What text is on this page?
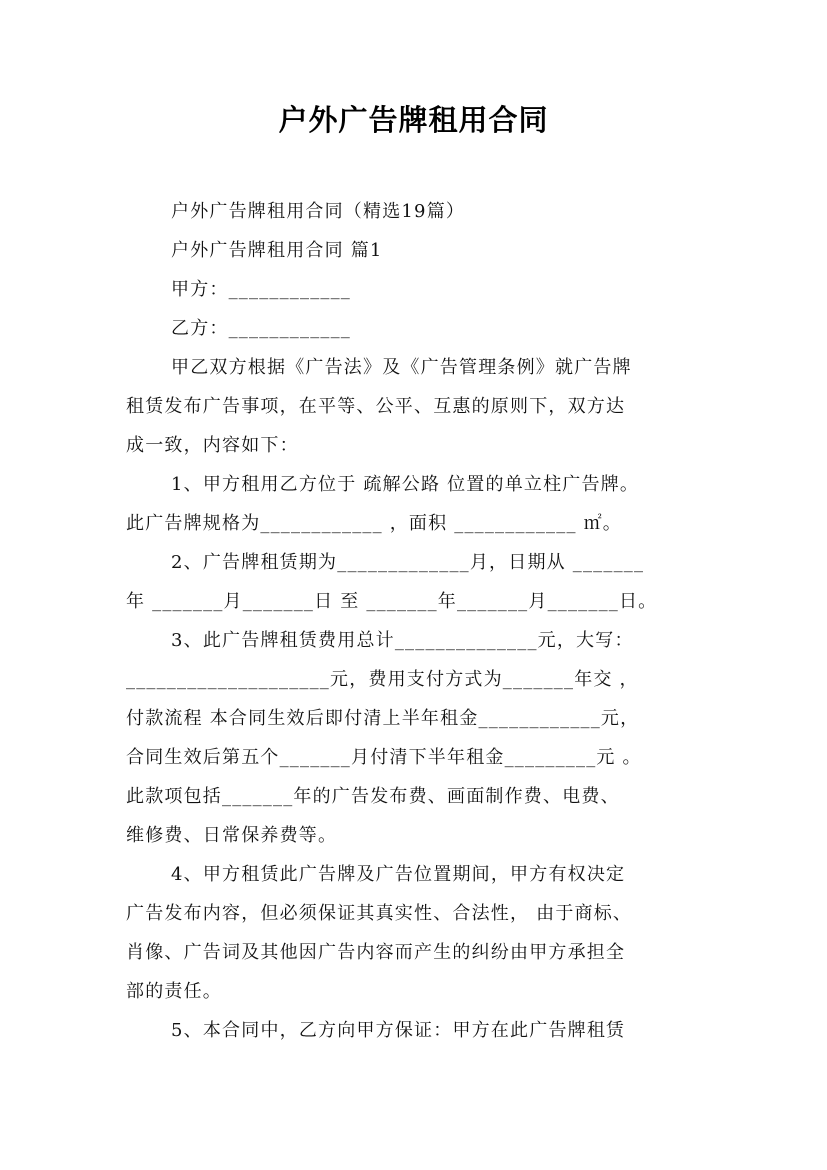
户外广告牌租用合同
户外广告牌租用合同（精选19篇）
户外广告牌租用合同 篇1
甲方：____________
乙方：____________
甲乙双方根据《广告法》及《广告管理条例》就广告牌
租赁发布广告事项，在平等、公平、互惠的原则下，双方达
成一致，内容如下：
1、甲方租用乙方位于 疏解公路 位置的单立柱广告牌。
此广告牌规格为____________ ，面积 ____________ ㎡。
2、广告牌租赁期为_____________月，日期从 _______
年 _______月_______日 至 _______年_______月_______日。
3、此广告牌租赁费用总计______________元，大写：
____________________元，费用支付方式为_______年交 ，
付款流程 本合同生效后即付清上半年租金____________元，
合同生效后第五个_______月付清下半年租金_________元 。
此款项包括_______年的广告发布费、画面制作费、电费、
维修费、日常保养费等。
4、甲方租赁此广告牌及广告位置期间，甲方有权决定
广告发布内容，但必须保证其真实性、合法性， 由于商标、
肖像、广告词及其他因广告内容而产生的纠纷由甲方承担全
部的责任。
5、本合同中，乙方向甲方保证：甲方在此广告牌租赁
